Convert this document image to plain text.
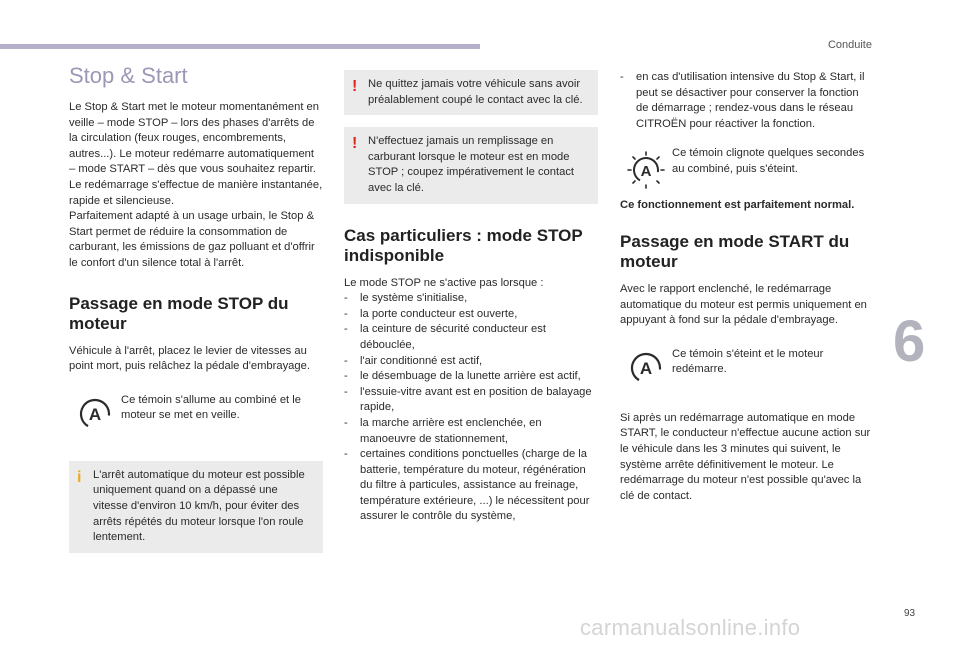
Conduite
6
93
Stop & Start

Le Stop & Start met le moteur momentanément en veille – mode STOP – lors des phases d'arrêts de la circulation (feux rouges, encombrements, autres...). Le moteur redémarre automatiquement – mode START – dès que vous souhaitez repartir.

Le redémarrage s'effectue de manière instantanée, rapide et silencieuse.

Parfaitement adapté à un usage urbain, le Stop & Start permet de réduire la consommation de carburant, les émissions de gaz polluant et d'offrir le confort d'un silence total à l'arrêt.

Passage en mode STOP du moteur

Véhicule à l'arrêt, placez le levier de vitesses au point mort, puis relâchez la pédale d'embrayage.

A
Ce témoin s'allume au combiné et le moteur se met en veille.
i L'arrêt automatique du moteur est possible uniquement quand on a dépassé une vitesse d'environ 10 km/h, pour éviter des arrêts répétés du moteur lorsque l'on roule lentement.
! Ne quittez jamais votre véhicule sans avoir préalablement coupé le contact avec la clé.
! N'effectuez jamais un remplissage en carburant lorsque le moteur est en mode STOP ; coupez impérativement le contact avec la clé.
Cas particuliers : mode STOP indisponible

Le mode STOP ne s'active pas lorsque :

- le système s'initialise,
- la porte conducteur est ouverte,
- la ceinture de sécurité conducteur est débouclée,
- l'air conditionné est actif,
- le désembuage de la lunette arrière est actif,
- l'essuie-vitre avant est en position de balayage rapide,
- la marche arrière est enclenchée, en manoeuvre de stationnement,
- certaines conditions ponctuelles (charge de la batterie, température du moteur, régénération du filtre à particules, assistance au freinage, température extérieure, ...) le nécessitent pour assurer le contrôle du système,
- en cas d'utilisation intensive du Stop & Start, il peut se désactiver pour conserver la fonction de démarrage ; rendez-vous dans le réseau CITROËN pour réactiver la fonction.
A
Ce témoin clignote quelques secondes au combiné, puis s'éteint.

Ce fonctionnement est parfaitement normal.

Passage en mode START du moteur

Avec le rapport enclenché, le redémarrage automatique du moteur est permis uniquement en appuyant à fond sur la pédale d'embrayage.

A
Ce témoin s'éteint et le moteur redémarre.

Si après un redémarrage automatique en mode START, le conducteur n'effectue aucune action sur le véhicule dans les 3 minutes qui suivent, le système arrête définitivement le moteur. Le redémarrage du moteur n'est possible qu'avec la clé de contact.

carmanualsonline.info
